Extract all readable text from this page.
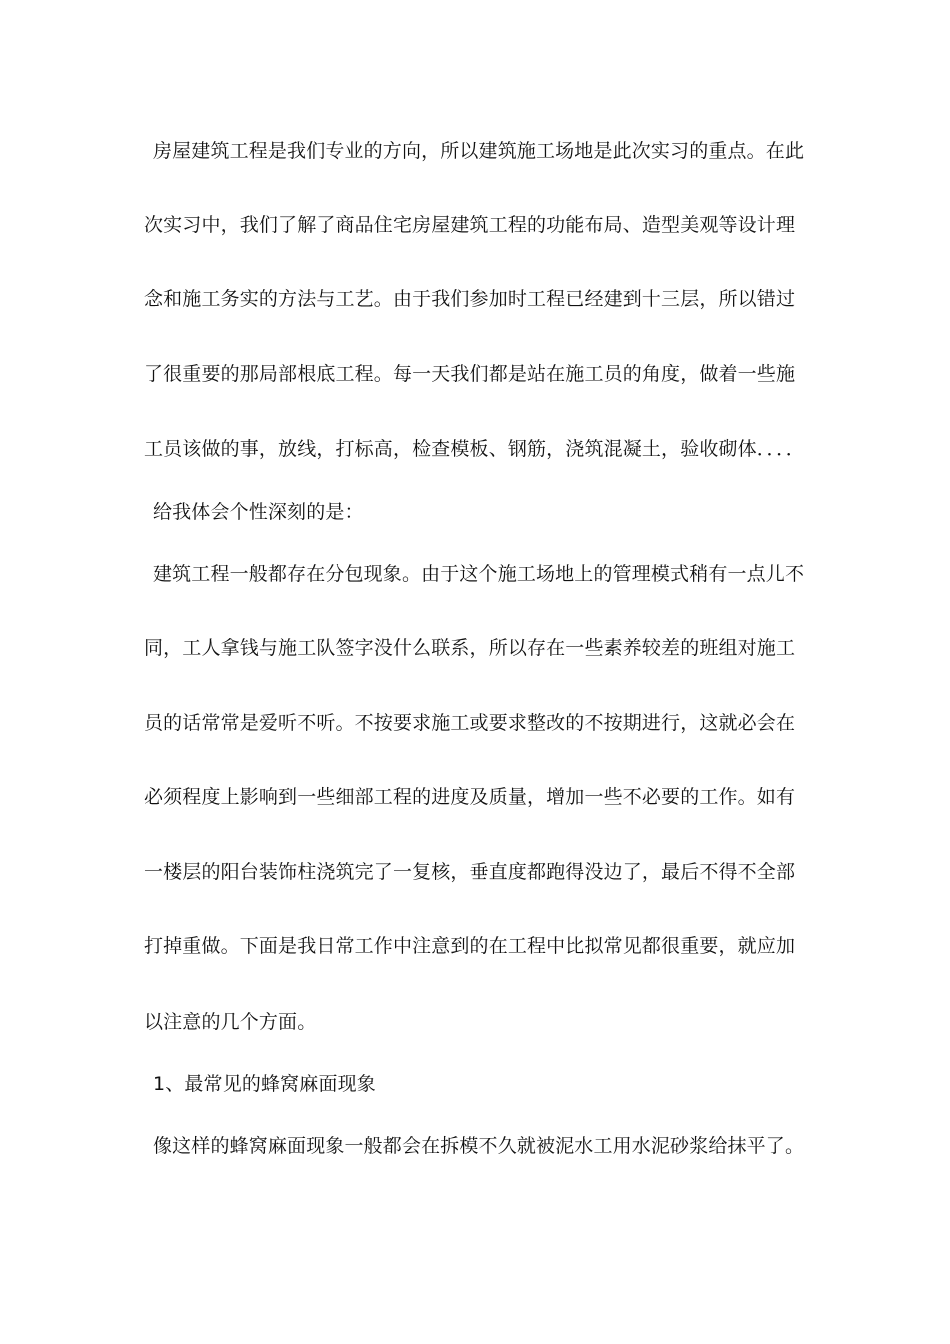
房屋建筑工程是我们专业的方向，所以建筑施工场地是此次实习的重点。在此
次实习中，我们了解了商品住宅房屋建筑工程的功能布局、造型美观等设计理
念和施工务实的方法与工艺。由于我们参加时工程已经建到十三层，所以错过
了很重要的那局部根底工程。每一天我们都是站在施工员的角度，做着一些施
工员该做的事，放线，打标高，检查模板、钢筋，浇筑混凝土，验收砌体．．．．
给我体会个性深刻的是：
建筑工程一般都存在分包现象。由于这个施工场地上的管理模式稍有一点儿不
同，工人拿钱与施工队签字没什么联系，所以存在一些素养较差的班组对施工
员的话常常是爱听不听。不按要求施工或要求整改的不按期进行，这就必会在
必须程度上影响到一些细部工程的进度及质量，增加一些不必要的工作。如有
一楼层的阳台装饰柱浇筑完了一复核，垂直度都跑得没边了，最后不得不全部
打掉重做。下面是我日常工作中注意到的在工程中比拟常见都很重要，就应加
以注意的几个方面。
1、最常见的蜂窝麻面现象
像这样的蜂窝麻面现象一般都会在拆模不久就被泥水工用水泥砂浆给抹平了。
